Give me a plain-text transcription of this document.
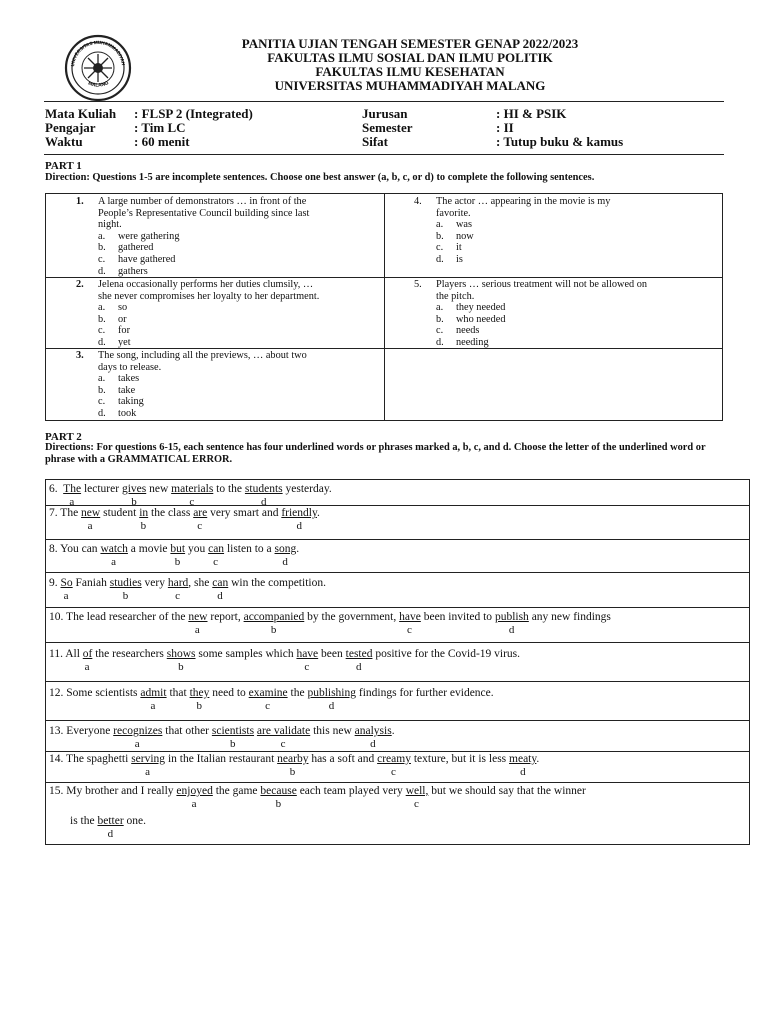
UNIVERSITAS MUHAMMADIYAH
MALANG
PANITIA UJIAN TENGAH SEMESTER GENAP 2022/2023
FAKULTAS ILMU SOSIAL DAN ILMU POLITIK
FAKULTAS ILMU KESEHATAN
UNIVERSITAS MUHAMMADIYAH MALANG
Mata Kuliah : FLSP 2 (Integrated)	Jurusan	: HI & PSIK
Pengajar	: Tim LC	Semester	: II
Waktu	: 60 menit	Sifat	: Tutup buku & kamus
PART 1
Direction: Questions 1-5 are incomplete sentences. Choose one best answer (a, b, c, or d) to complete the following sentences.
1. A large number of demonstrators … in front of the
People’s Representative Council building since last
night.
a. were gathering
b. gathered
c. have gathered
d. gathers
2. Jelena occasionally performs her duties clumsily, …
she never compromises her loyalty to her department.
a. so
b. or
c. for
d. yet
3. The song, including all the previews, … about two
days to release.
a. takes
b. take
c. taking
d. took
4. The actor … appearing in the movie is my
favorite.
a. was
b. now
c. it
d. is
5. Players … serious treatment will not be allowed on
the pitch.
a. they needed
b. who needed
c. needs
d. needing
PART 2
Directions: For questions 6-15, each sentence has four underlined words or phrases marked a, b, c, and d. Choose the letter of the underlined word or phrase with a GRAMMATICAL ERROR.
6.  The lecturer gives new materials to the students yesterday.
a	b	c	d
7. The new student in the class are very smart and friendly.
a	b	c	d
8. You can watch a movie but you can listen to a song.
a	b	c	d
9. So Faniah studies very hard, she can win the competition.
a	b	c	d
10. The lead researcher of the new report, accompanied by the government, have been invited to publish any new findings
a	b	c	d
11. All of the researchers shows some samples which have been tested positive for the Covid-19 virus.
a	b	c	d
12. Some scientists admit that they need to examine the publishing findings for further evidence.
a	b	c	d
13. Everyone recognizes that other scientists are validate this new analysis.
a	b	c	d
14. The spaghetti serving in the Italian restaurant nearby has a soft and creamy texture, but it is less meaty.
a	b	c	d
15. My brother and I really enjoyed the game because each team played very well, but we should say that the winner
is the better one.
a	b	c
d
